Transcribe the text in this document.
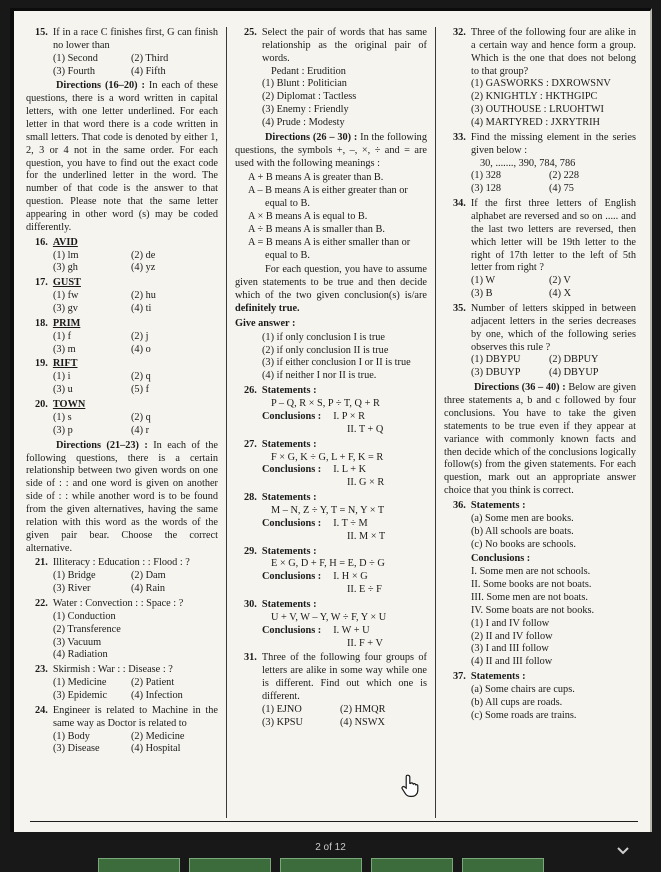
15. If in a race C finishes first, G can finish no lower than

(1) Second	(2) Third
(3) Fourth	(4) Fifth
Directions (16–20) : In each of these questions, there is a word written in capital letters, with one letter underlined. For each letter in that word there is a code written in small letters. That code is denoted by either 1, 2, 3 or 4 not in the same order. For each question, you have to find out the exact code for the underlined letter in the word. The number of that code is the answer to that question. Please note that the same letter appearing in other word (s) may be coded differently.

16. AVID

(1) lm	(2) de
(3) gh	(4) yz

17. GUST

(1) fw	(2) hu
(3) gv	(4) ti

18. PRIM

(1) f	(2) j
(3) m	(4) o

19. RIFT

(1) i	(2) q
(3) u	(5) f

20. TOWN

(1) s	(2) q
(3) p	(4) r
Directions (21–23) : In each of the following questions, there is a certain relationship between two given words on one side of : : and one word is given on another side of : : while another word is to be found from the given alternatives, having the same relation with this word as the words of the given pair bear. Choose the correct alternative.

21. Illiteracy : Education : : Flood : ?

(1) Bridge	(2) Dam
(3) River	(4) Rain

22. Water : Convection : : Space : ?

(1) Conduction
(2) Transference
(3) Vacuum
(4) Radiation

23. Skirmish : War : : Disease : ?

(1) Medicine	(2) Patient
(3) Epidemic	(4) Infection

24. Engineer is related to Machine in the same way as Doctor is related to

(1) Body	(2) Medicine
(3) Disease	(4) Hospital

25. Select the pair of words that has same relationship as the original pair of words.

Pedant : Erudition
(1) Blunt : Politician
(2) Diplomat : Tactless
(3) Enemy : Friendly
(4) Prude : Modesty
Directions (26 – 30) : In the following questions, the symbols +, –, ×, ÷ and = are used with the following meanings :
A + B means A is greater than B.
A – B means A is either greater than or equal to B.
A × B means A is equal to B.
A ÷ B means A is smaller than B.
A = B means A is either smaller than or equal to B.
For each question, you have to assume given statements to be true and then decide which of the two given conclusion(s) is/are definitely true.
Give answer :
(1) if only conclusion I is true
(2) if only conclusion II is true
(3) if either conclusion I or II is true
(4) if neither I nor II is true.

26. Statements :

P – Q, R × S, P ÷ T, Q + R
Conclusions : I. P × R
II. T + Q

27. Statements :

F × G, K ÷ G, L + F, K = R
Conclusions : I. L + K
II. G × R

28. Statements :

M – N, Z ÷ Y, T = N, Y × T
Conclusions : I. T ÷ M
II. M × T

29. Statements :

E × G, D + F, H = E, D ÷ G
Conclusions : I. H × G
II. E ÷ F

30. Statements :

U + V, W – Y, W ÷ F, Y × U
Conclusions : I. W + U
II. F + V

31. Three of the following four groups of letters are alike in some way while one is different. Find out which one is different.

(1) EJNO	(2) HMQR
(3) KPSU	(4) NSWX

32. Three of the following four are alike in a certain way and hence form a group. Which is the one that does not belong to that group?

(1) GASWORKS : DXROWSNV
(2) KNIGHTLY : HKTHGIPC
(3) OUTHOUSE : LRUOHTWI
(4) MARTYRED : JXRYTRIH

33. Find the missing element in the series given below :

30, ......., 390, 784, 786
(1) 328	(2) 228
(3) 128	(4) 75

34. If the first three letters of English alphabet are reversed and so on ..... and the last two letters are reversed, then which letter will be 19th letter to the right of 17th letter to the left of 5th letter from right ?

(1) W	(2) V
(3) B	(4) X

35. Number of letters skipped in between adjacent letters in the series decreases by one, which of the following series observes this rule ?

(1) DBYPU	(2) DBPUY
(3) DBUYP	(4) DBYUP
Directions (36 – 40) : Below are given three statements a, b and c followed by four conclusions. You have to take the given statements to be true even if they appear at variance with commonly known facts and then decide which of the conclusions logically follow(s) from the given statements. For each question, mark out an appropriate answer choice that you think is correct.

36. Statements :

(a) Some men are books.
(b) All schools are boats.
(c) No books are schools.
Conclusions :
I. Some men are not schools.
II. Some books are not boats.
III. Some men are not boats.
IV. Some boats are not books.
(1) I and IV follow
(2) II and IV follow
(3) I and III follow
(4) II and III follow

37. Statements :

(a) Some chairs are cups.
(b) All cups are roads.
(c) Some roads are trains.
2 of 12
